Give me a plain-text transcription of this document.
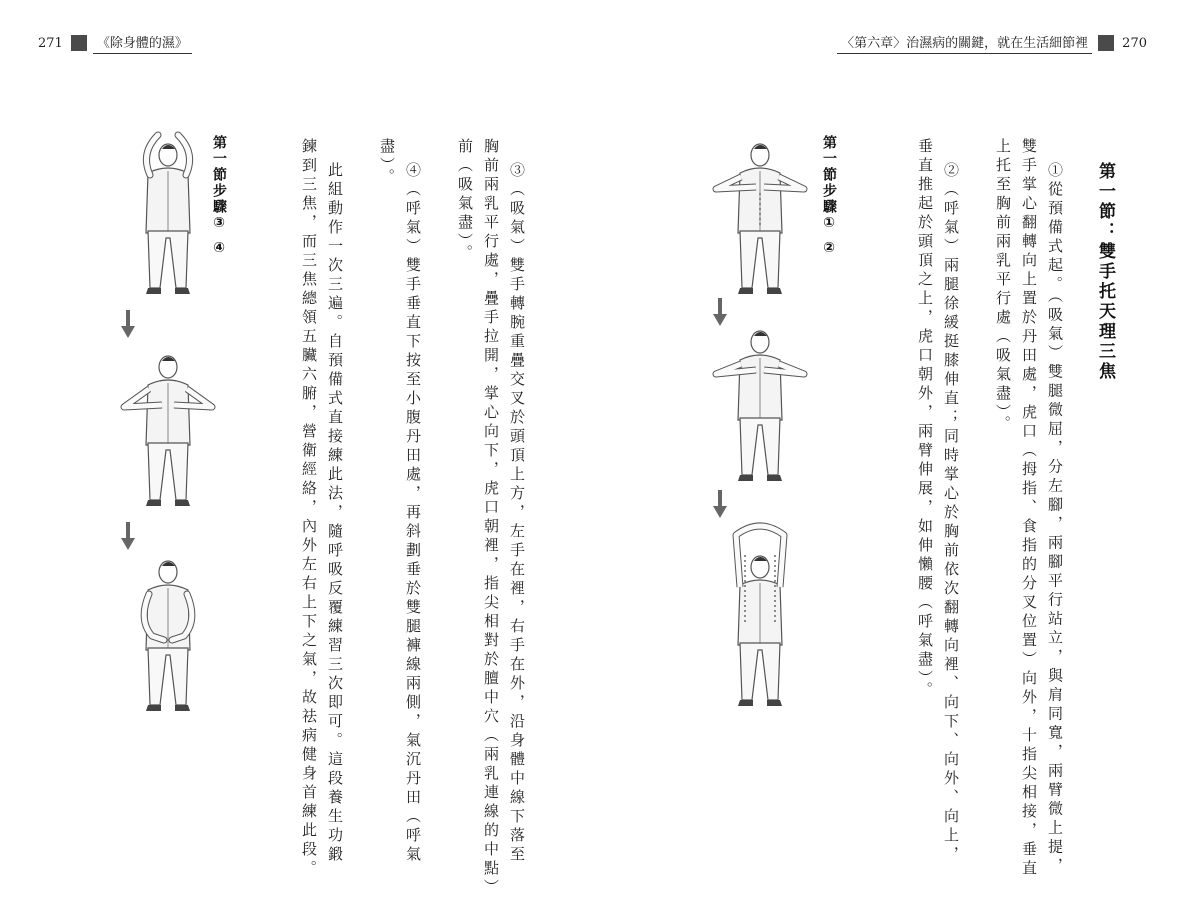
271	《除身體的濕》	〈第六章〉治濕病的關鍵，就在生活細節裡	270
第一節步驟③ ④	③（吸氣）雙手轉腕重疊交叉於頭頂上方，左手在裡，右手在外，沿身體中線下落至
胸前兩乳平行處，疊手拉開，掌心向下，虎口朝裡，指尖相對於膻中穴（兩乳連線的中點）
前（吸氣盡）。
④（呼氣）雙手垂直下按至小腹丹田處，再斜劃垂於雙腿褲線兩側，氣沉丹田（呼氣
盡）。
此組動作一次三遍。自預備式直接練此法，隨呼吸反覆練習三次即可。這段養生功鍛
鍊到三焦，而三焦總領五臟六腑，營衛經絡，內外左右上下之氣，故祛病健身首練此段。	第一節：雙手托天理三焦
①從預備式起。（吸氣）雙腿微屈，分左腳，兩腳平行站立，與肩同寬，兩臂微上提，
雙手掌心翻轉向上置於丹田處，虎口（拇指、食指的分叉位置）向外，十指尖相接，垂直
上托至胸前兩乳平行處（吸氣盡）。
②（呼氣）兩腿徐緩挺膝伸直；同時掌心於胸前依次翻轉向裡、向下、向外、向上，
垂直推起於頭頂之上，虎口朝外，兩臂伸展，如伸懶腰（呼氣盡）。
第一節步驟① ②
